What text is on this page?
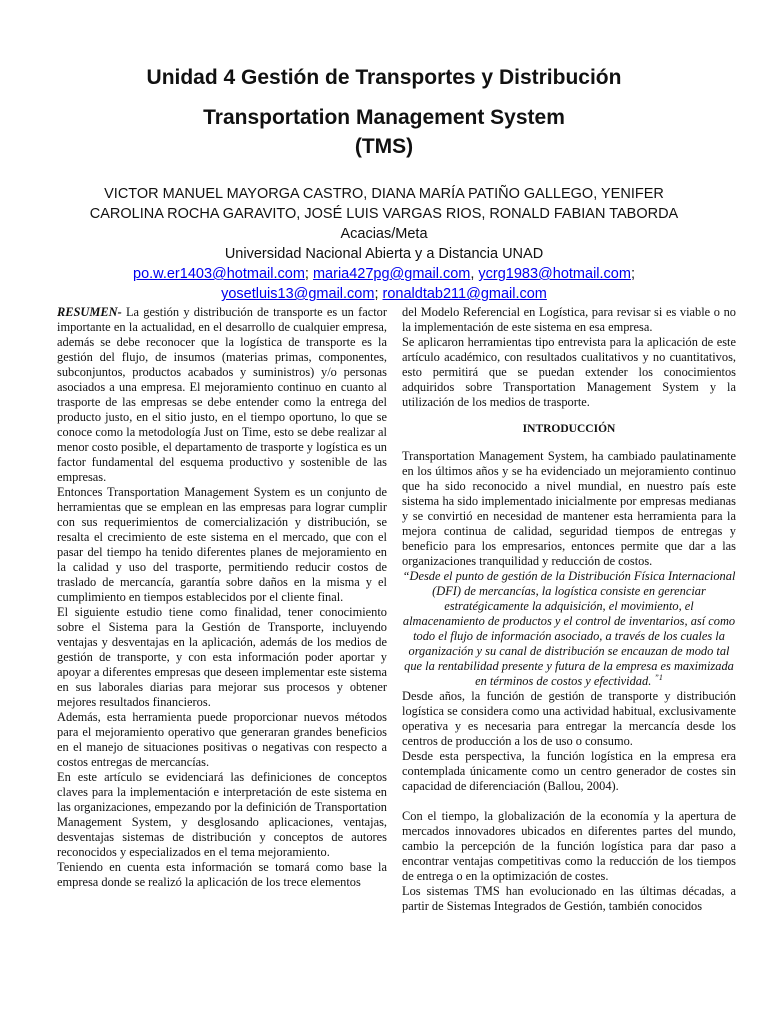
Unidad 4 Gestión de Transportes y Distribución
Transportation Management System
(TMS)
VICTOR MANUEL MAYORGA CASTRO, DIANA MARÍA PATIÑO GALLEGO, YENIFER
CAROLINA ROCHA GARAVITO, JOSÉ LUIS VARGAS RIOS, RONALD FABIAN TABORDA
Acacias/Meta
Universidad Nacional Abierta y a Distancia UNAD
po.w.er1403@hotmail.com; maria427pg@gmail.com, ycrg1983@hotmail.com;
yosetluis13@gmail.com; ronaldtab211@gmail.com

RESUMEN- La gestión y distribución de transporte es un factor importante en la actualidad, en el desarrollo de cualquier empresa, además se debe reconocer que la logística de transporte es la gestión del flujo, de insumos (materias primas, componentes, subconjuntos, productos acabados y suministros) y/o personas asociados a una empresa. El mejoramiento continuo en cuanto al trasporte de las empresas se debe entender como la entrega del producto justo, en el sitio justo, en el tiempo oportuno, lo que se conoce como la metodología Just on Time, esto se debe realizar al menor costo posible, el departamento de trasporte y logística es un factor fundamental del esquema productivo y sostenible de las empresas.

Entonces Transportation Management System es un conjunto de herramientas que se emplean en las empresas para lograr cumplir con sus requerimientos de comercialización y distribución, se resalta el crecimiento de este sistema en el mercado, que con el pasar del tiempo ha tenido diferentes planes de mejoramiento en la calidad y uso del trasporte, permitiendo reducir costos de traslado de mercancía, garantía sobre daños en la misma y el cumplimiento en tiempos establecidos por el cliente final.

El siguiente estudio tiene como finalidad, tener conocimiento sobre el Sistema para la Gestión de Transporte, incluyendo ventajas y desventajas en la aplicación, además de los medios de gestión de transporte, y con esta información poder aportar y apoyar a diferentes empresas que deseen implementar este sistema en sus laborales diarias para mejorar sus procesos y obtener mejores resultados financieros.

Además, esta herramienta puede proporcionar nuevos métodos para el mejoramiento operativo que generaran grandes beneficios en el manejo de situaciones positivas o negativas con respecto a costos entregas de mercancías.

En este artículo se evidenciará las definiciones de conceptos claves para la implementación e interpretación de este sistema en las organizaciones, empezando por la definición de Transportation Management System, y desglosando aplicaciones, ventajas, desventajas sistemas de distribución y conceptos de autores reconocidos y especializados en el tema mejoramiento.

Teniendo en cuenta esta información se tomará como base la empresa donde se realizó la aplicación de los trece elementos

del Modelo Referencial en Logística, para revisar si es viable o no la implementación de este sistema en esa empresa.

Se aplicaron herramientas tipo entrevista para la aplicación de este artículo académico, con resultados cualitativos y no cuantitativos, esto permitirá que se puedan extender los conocimientos adquiridos sobre Transportation Management System y la utilización de los medios de trasporte.

INTRODUCCIÓN

Transportation Management System, ha cambiado paulatinamente en los últimos años y se ha evidenciado un mejoramiento continuo que ha sido reconocido a nivel mundial, en nuestro país este sistema ha sido implementado inicialmente por empresas medianas y se convirtió en necesidad de mantener esta herramienta para la mejora continua de calidad, seguridad tiempos de entregas y beneficio para los empresarios, entonces permite que dar a las organizaciones tranquilidad y reducción de costos.

“Desde el punto de gestión de la Distribución Física Internacional (DFI) de mercancías, la logística consiste en gerenciar estratégicamente la adquisición, el movimiento, el almacenamiento de productos y el control de inventarios, así como todo el flujo de información asociado, a través de los cuales la organización y su canal de distribución se encauzan de modo tal que la rentabilidad presente y futura de la empresa es maximizada en términos de costos y efectividad. $^{”1}$

Desde años, la función de gestión de transporte y distribución logística se considera como una actividad habitual, exclusivamente operativa y es necesaria para entregar la mercancía desde los centros de producción a los de uso o consumo.

Desde esta perspectiva, la función logística en la empresa era contemplada únicamente como un centro generador de costes sin capacidad de diferenciación (Ballou, 2004).

Con el tiempo, la globalización de la economía y la apertura de mercados innovadores ubicados en diferentes partes del mundo, cambio la percepción de la función logística para dar paso a encontrar ventajas competitivas como la reducción de los tiempos de entrega o en la optimización de costes.

Los sistemas TMS han evolucionado en las últimas décadas, a partir de Sistemas Integrados de Gestión, también conocidos
